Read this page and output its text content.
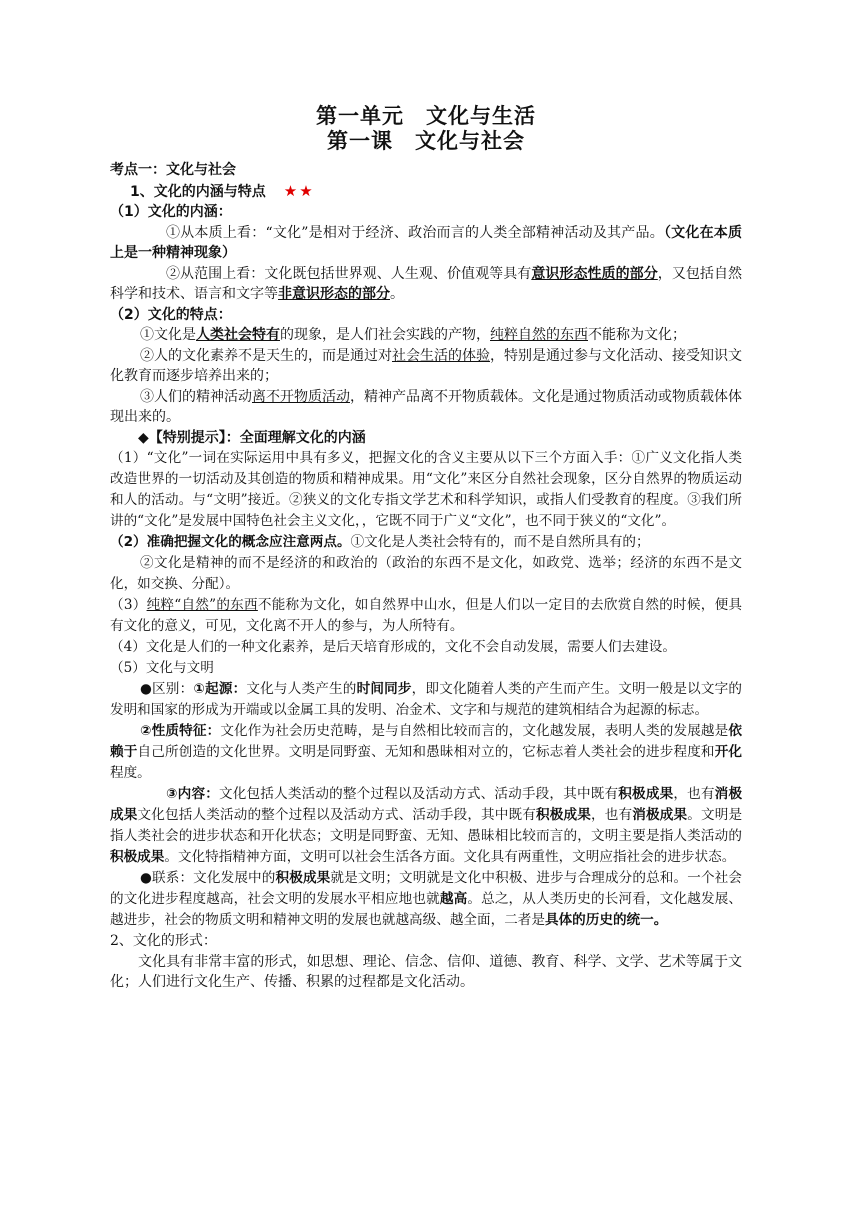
第一单元　文化与生活
第一课　文化与社会

考点一：文化与社会

1、文化的内涵与特点 ★★

（1）文化的内涵：

①从本质上看：“文化”是相对于经济、政治而言的人类全部精神活动及其产品。（文化在本质上是一种精神现象）

②从范围上看：文化既包括世界观、人生观、价值观等具有意识形态性质的部分，又包括自然科学和技术、语言和文字等非意识形态的部分。

（2）文化的特点：

①文化是人类社会特有的现象，是人们社会实践的产物，纯粹自然的东西不能称为文化；

②人的文化素养不是天生的，而是通过对社会生活的体验，特别是通过参与文化活动、接受知识文化教育而逐步培养出来的；

③人们的精神活动离不开物质活动，精神产品离不开物质载体。文化是通过物质活动或物质载体体现出来的。

◆【特别提示】：全面理解文化的内涵

（1）“文化”一词在实际运用中具有多义，把握文化的含义主要从以下三个方面入手：①广义文化指人类改造世界的一切活动及其创造的物质和精神成果。用“文化”来区分自然社会现象，区分自然界的物质运动和人的活动。与“文明”接近。②狭义的文化专指文学艺术和科学知识，或指人们受教育的程度。③我们所讲的“文化”是发展中国特色社会主义文化，，它既不同于广义“文化”，也不同于狭义的“文化”。

（2）准确把握文化的概念应注意两点。①文化是人类社会特有的，而不是自然所具有的；

②文化是精神的而不是经济的和政治的（政治的东西不是文化，如政党、选举；经济的东西不是文化，如交换、分配）。

（3）纯粹“自然”的东西不能称为文化，如自然界中山水，但是人们以一定目的去欣赏自然的时候，便具有文化的意义，可见，文化离不开人的参与，为人所特有。

（4）文化是人们的一种文化素养，是后天培育形成的，文化不会自动发展，需要人们去建设。

（5）文化与文明

●区别：①起源：文化与人类产生的时间同步，即文化随着人类的产生而产生。文明一般是以文字的发明和国家的形成为开端或以金属工具的发明、冶金术、文字和与规范的建筑相结合为起源的标志。

②性质特征：文化作为社会历史范畴，是与自然相比较而言的，文化越发展，表明人类的发展越是依赖于自己所创造的文化世界。文明是同野蛮、无知和愚昧相对立的，它标志着人类社会的进步程度和开化程度。

③内容：文化包括人类活动的整个过程以及活动方式、活动手段，其中既有积极成果，也有消极成果文化包括人类活动的整个过程以及活动方式、活动手段，其中既有积极成果，也有消极成果。文明是指人类社会的进步状态和开化状态；文明是同野蛮、无知、愚昧相比较而言的，文明主要是指人类活动的积极成果。文化特指精神方面，文明可以社会生活各方面。文化具有两重性，文明应指社会的进步状态。

●联系：文化发展中的积极成果就是文明；文明就是文化中积极、进步与合理成分的总和。一个社会的文化进步程度越高，社会文明的发展水平相应地也就越高。总之，从人类历史的长河看，文化越发展、越进步，社会的物质文明和精神文明的发展也就越高级、越全面，二者是具体的历史的统一。

2、文化的形式：

文化具有非常丰富的形式，如思想、理论、信念、信仰、道德、教育、科学、文学、艺术等属于文化；人们进行文化生产、传播、积累的过程都是文化活动。
